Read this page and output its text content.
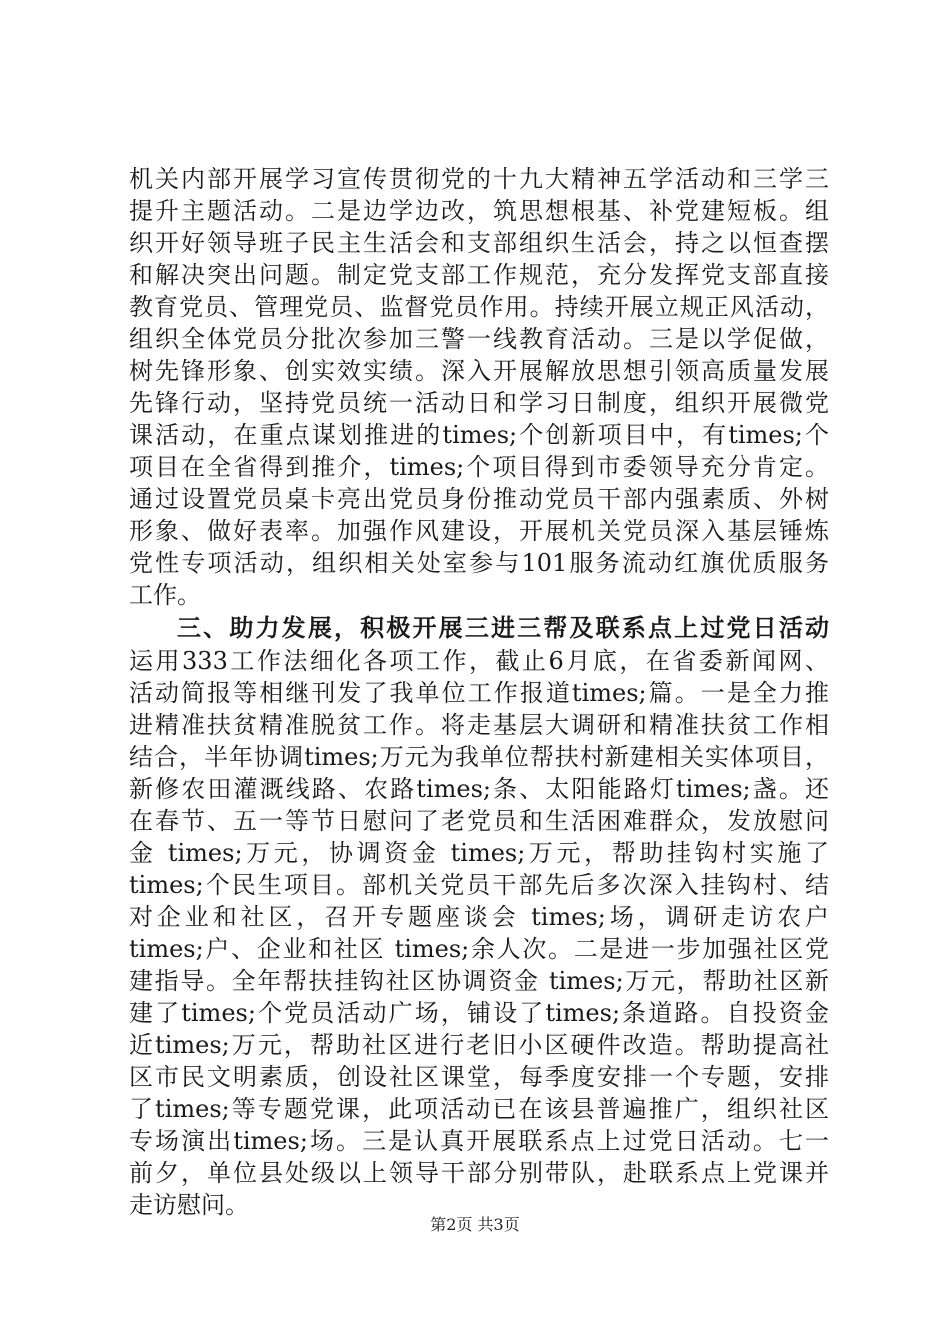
机关内部开展学习宣传贯彻党的十九大精神五学活动和三学三
提升主题活动。二是边学边改，筑思想根基、补党建短板。组
织开好领导班子民主生活会和支部组织生活会，持之以恒查摆
和解决突出问题。制定党支部工作规范，充分发挥党支部直接
教育党员、管理党员、监督党员作用。持续开展立规正风活动，
组织全体党员分批次参加三警一线教育活动。三是以学促做，
树先锋形象、创实效实绩。深入开展解放思想引领高质量发展
先锋行动，坚持党员统一活动日和学习日制度，组织开展微党
课活动，在重点谋划推进的times;个创新项目中，有times;个
项目在全省得到推介，times;个项目得到市委领导充分肯定。
通过设置党员桌卡亮出党员身份推动党员干部内强素质、外树
形象、做好表率。加强作风建设，开展机关党员深入基层锤炼
党性专项活动，组织相关处室参与101服务流动红旗优质服务
工作。
三、助力发展，积极开展三进三帮及联系点上过党日活动
运用333工作法细化各项工作，截止6月底，在省委新闻网、
活动简报等相继刊发了我单位工作报道times;篇。一是全力推
进精准扶贫精准脱贫工作。将走基层大调研和精准扶贫工作相
结合，半年协调times;万元为我单位帮扶村新建相关实体项目，
新修农田灌溉线路、农路times;条、太阳能路灯times;盏。还
在春节、五一等节日慰问了老党员和生活困难群众，发放慰问
金 times;万元，协调资金 times;万元，帮助挂钩村实施了
times;个民生项目。部机关党员干部先后多次深入挂钩村、结
对企业和社区，召开专题座谈会 times;场，调研走访农户
times;户、企业和社区 times;余人次。二是进一步加强社区党
建指导。全年帮扶挂钩社区协调资金 times;万元，帮助社区新
建了times;个党员活动广场，铺设了times;条道路。自投资金
近times;万元，帮助社区进行老旧小区硬件改造。帮助提高社
区市民文明素质，创设社区课堂，每季度安排一个专题，安排
了times;等专题党课，此项活动已在该县普遍推广，组织社区
专场演出times;场。三是认真开展联系点上过党日活动。七一
前夕，单位县处级以上领导干部分别带队，赴联系点上党课并
走访慰问。
第2页 共3页
